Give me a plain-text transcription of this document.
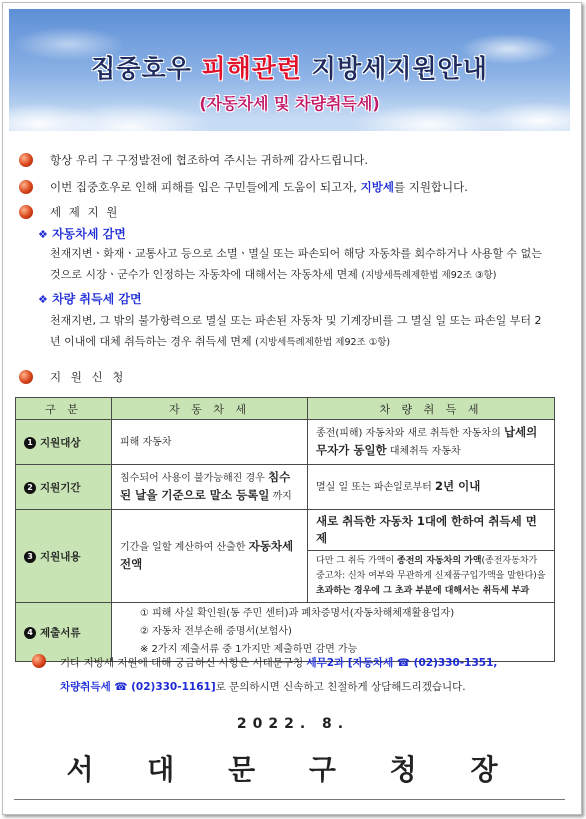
집중호우 피해관련 지방세지원안내
(자동차세 및 차량취득세)
항상 우리 구 구정발전에 협조하여 주시는 귀하께 감사드립니다.
이번 집중호우로 인해 피해를 입은 구민들에게 도움이 되고자, 지방세를 지원합니다.
세 제 지 원
❖ 자동차세 감면
천재지변ㆍ화재ㆍ교통사고 등으로 소멸ㆍ멸실 또는 파손되어 해당 자동차를 회수하거나 사용할 수 없는 것으로 시장ㆍ군수가 인정하는 자동차에 대해서는 자동차세 면제 (지방세특례제한법 제92조 ③항)
❖ 차량 취득세 감면
천재지변, 그 밖의 불가항력으로 멸실 또는 파손된 자동차 및 기계장비를 그 멸실 일 또는 파손일 부터 2년 이내에 대체 취득하는 경우 취득세 면제 (지방세특례제한법 제92조 ①항)
지 원 신 청
구 분	자 동 차 세	차 량 취 득 세
1 지원대상	피해 자동차	종전(피해) 자동차와 새로 취득한 자동차의 납세의무자가 동일한 대체취득 자동차
2 지원기간	침수되어 사용이 불가능해진 경우 침수된 날을 기준으로 말소 등록일 까지	멸실 일 또는 파손일로부터 2년 이내
3 지원내용	기간을 일할 계산하여 산출한 자동차세 전액	새로 취득한 자동차 1대에 한하여 취득세 면제
다만 그 취득 가액이 종전의 자동차의 가액(종전자동차가 중고차: 신차 여부와 무관하게 신제품구입가액을 말한다)을 초과하는 경우에 그 초과 부분에 대해서는 취득세 부과

4 제출서류	① 피해 사실 확인원(동 주민 센터)과 폐차증명서(자동차해체재활용업자)
② 자동차 전부손해 증명서(보험사)
※ 2가지 제출서류 중 1가지만 제출하면 감면 가능	
기타 지방세 지원에 대해 궁금하신 사항은 서대문구청 세무2과 [자동차세 ☎ (02)330-1351,
차량취득세 ☎ (02)330-1161]로 문의하시면 신속하고 친절하게 상담해드리겠습니다.
2022. 8.
서 대 문 구 청 장
